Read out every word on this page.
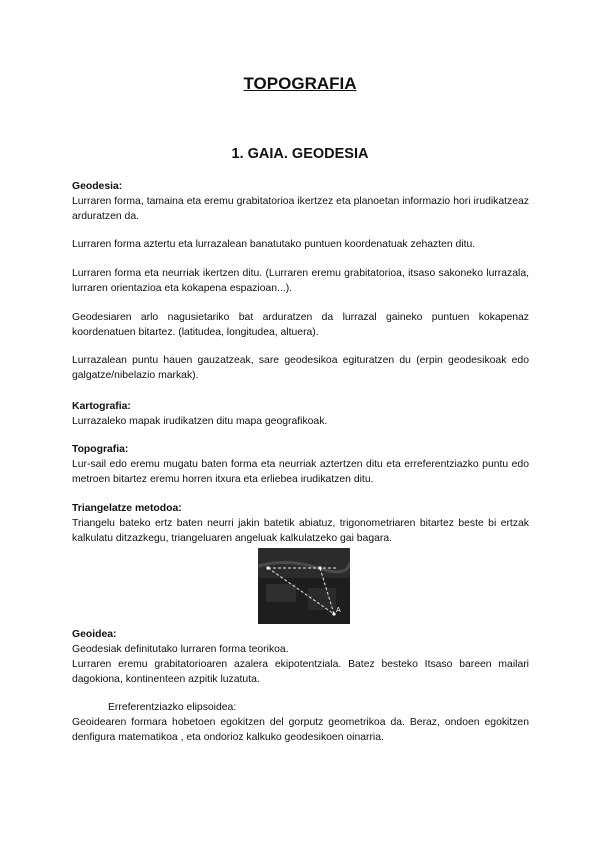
TOPOGRAFIA
1. GAIA. GEODESIA

Geodesia:

Lurraren forma, tamaina eta eremu grabitatorioa ikertzez eta planoetan informazio hori irudikatzeaz arduratzen da.

Lurraren forma aztertu eta lurrazalean banatutako puntuen koordenatuak zehazten ditu.

Lurraren forma eta neurriak ikertzen ditu. (Lurraren eremu grabitatorioa, itsaso sakoneko lurrazala, lurraren orientazioa eta kokapena espazioan...).

Geodesiaren arlo nagusietariko bat arduratzen da lurrazal gaineko puntuen kokapenaz koordenatuen bitartez. (latitudea, longitudea, altuera).

Lurrazalean puntu hauen gauzatzeak, sare geodesikoa egituratzen du (erpin geodesikoak edo galgatze/nibelazio markak).

Kartografia:

Lurrazaleko mapak irudikatzen ditu mapa geografikoak.

Topografia:

Lur-sail edo eremu mugatu baten forma eta neurriak aztertzen ditu eta erreferentziazko puntu edo metroen bitartez eremu horren itxura eta erliebea irudikatzen ditu.

Triangelatze metodoa:

Triangelu bateko ertz baten neurri jakin batetik abiatuz, trigonometriaren bitartez beste bi ertzak kalkulatu ditzazkegu, triangeluaren angeluak kalkulatzeko gai bagara.

A

Geoidea:

Geodesiak definitutako lurraren forma teorikoa.

Lurraren eremu grabitatorioaren azalera ekipotentziala. Batez besteko Itsaso bareen mailari dagokiona, kontinenteen azpitik luzatuta.

Erreferentziazko elipsoidea:

Geoidearen formara hobetoen egokitzen del gorputz geometrikoa da. Beraz, ondoen egokitzen denfigura matematikoa , eta ondorioz kalkuko geodesikoen oinarria.
